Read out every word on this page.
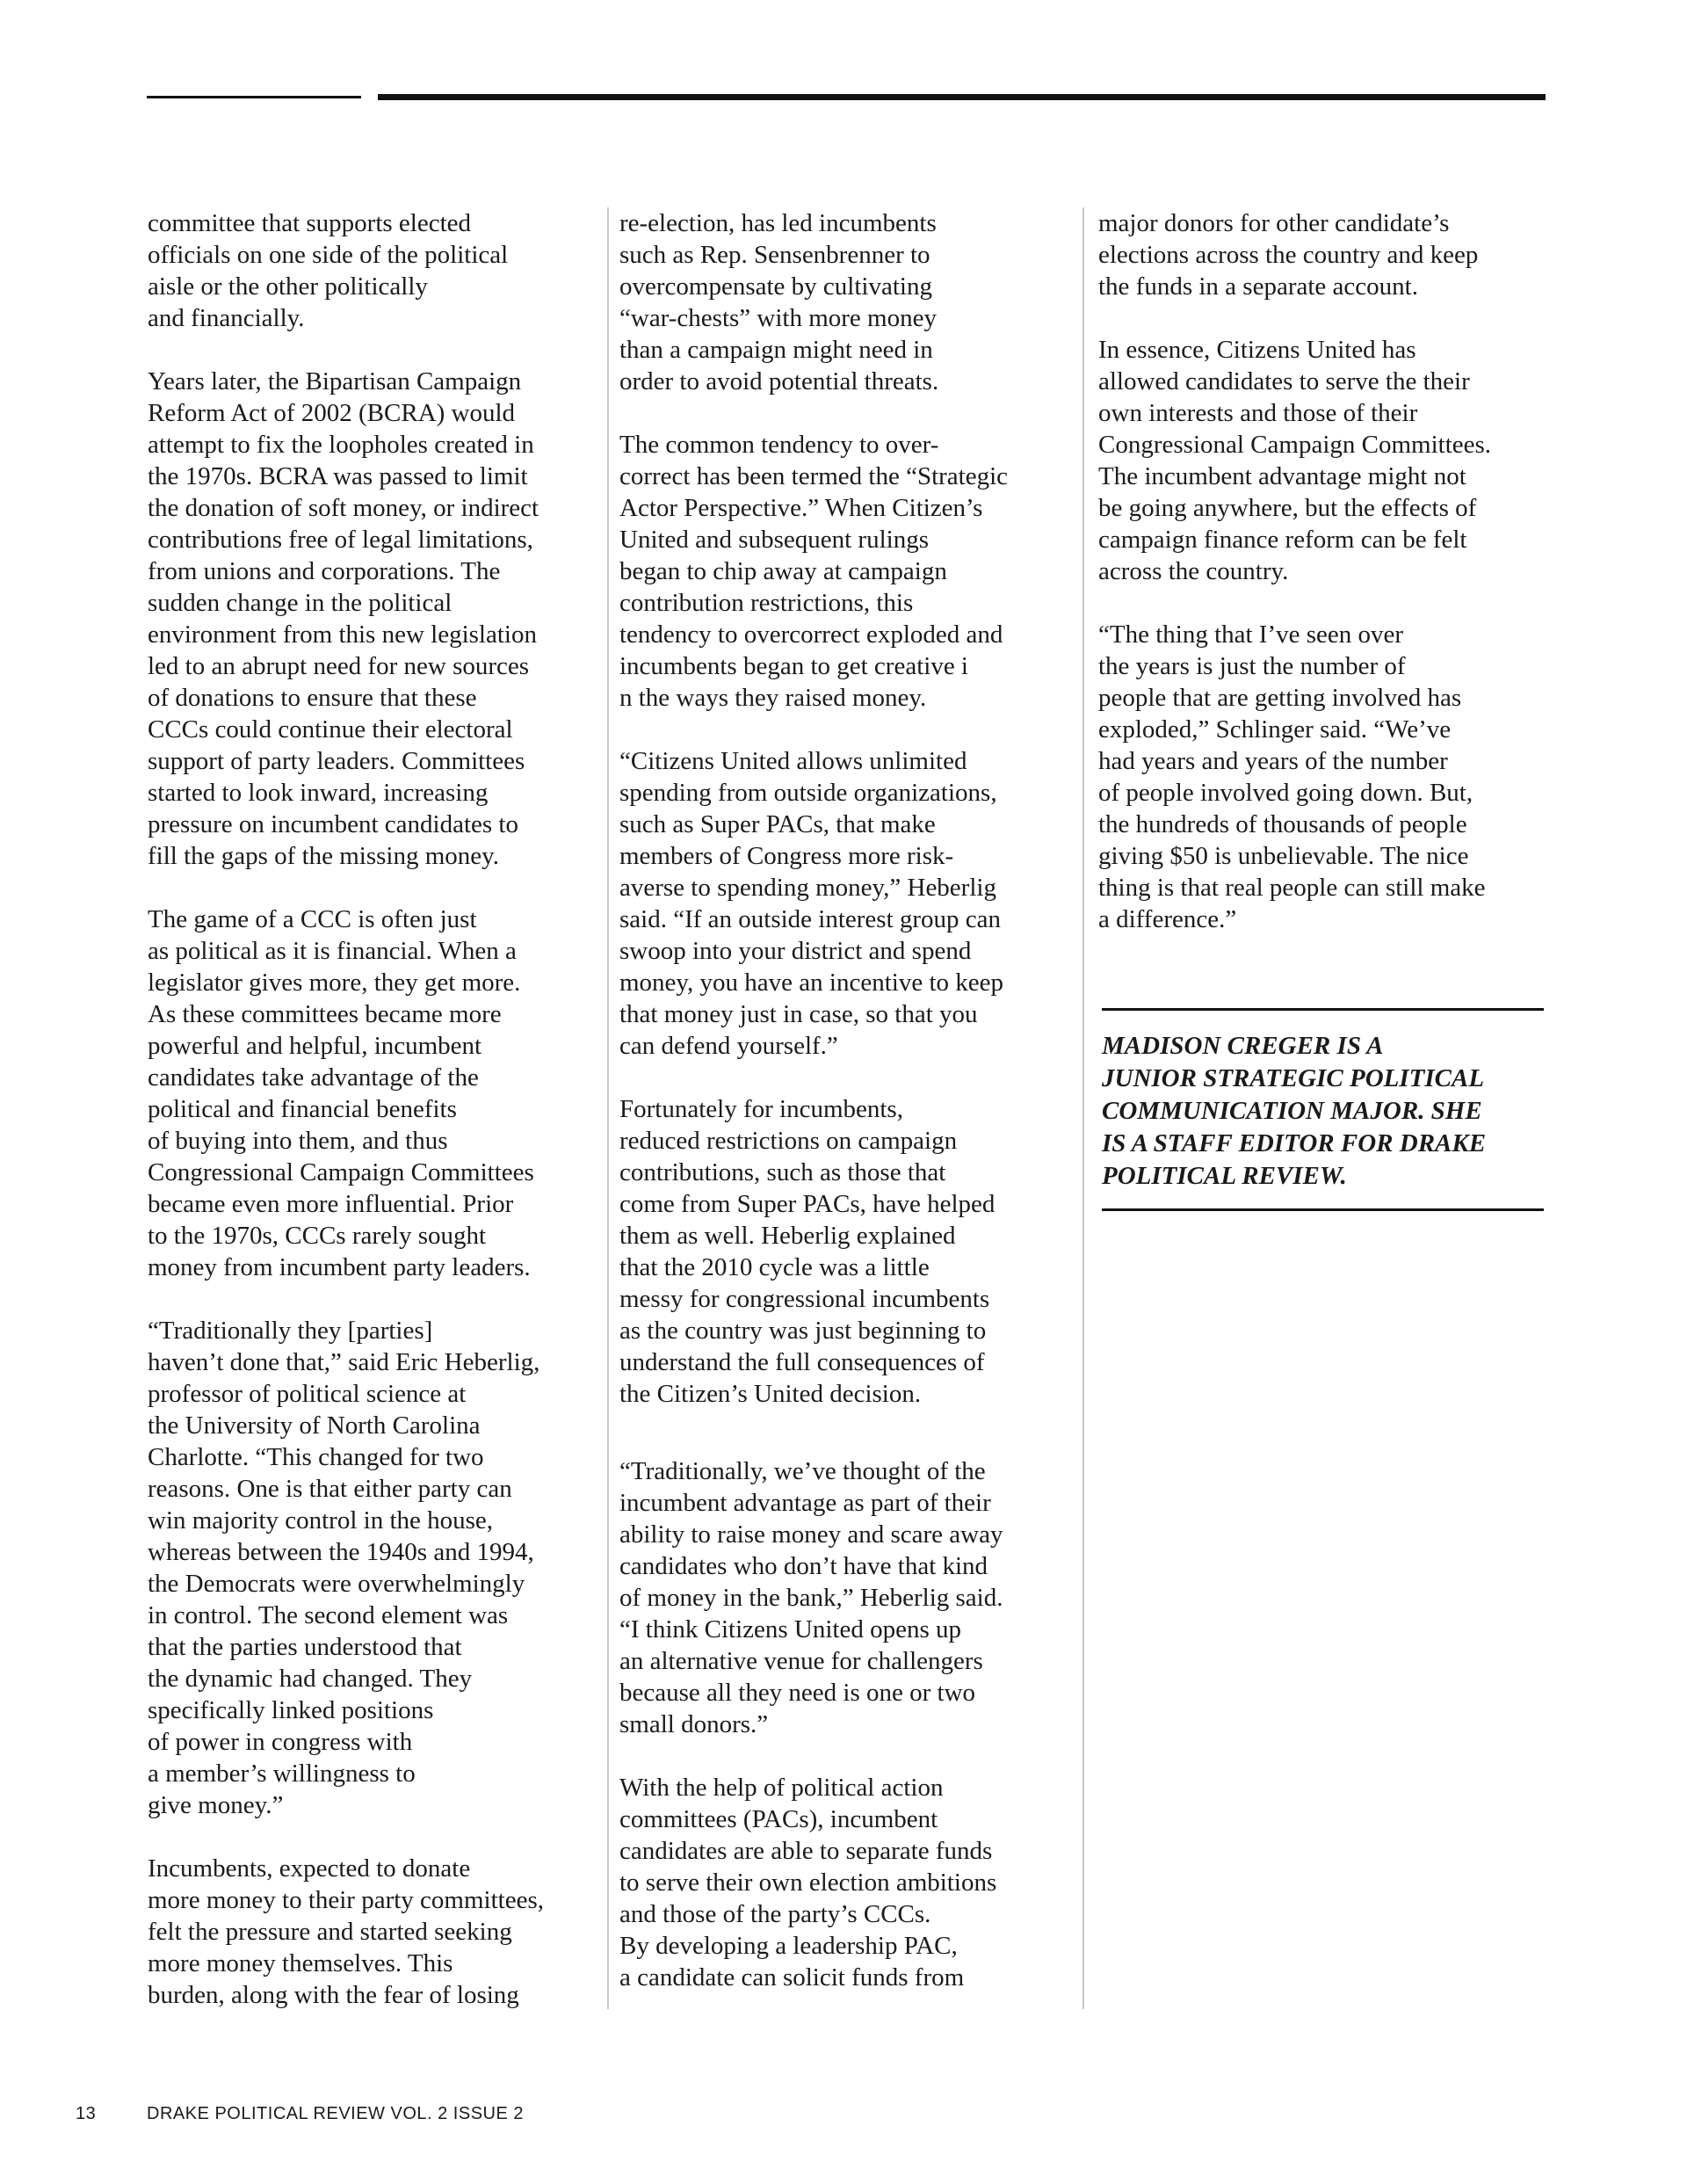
committee that supports elected
officials on one side of the political
aisle or the other politically
and financially.

Years later, the Bipartisan Campaign
Reform Act of 2002 (BCRA) would
attempt to fix the loopholes created in
the 1970s. BCRA was passed to limit
the donation of soft money, or indirect
contributions free of legal limitations,
from unions and corporations. The
sudden change in the political
environment from this new legislation
led to an abrupt need for new sources
of donations to ensure that these
CCCs could continue their electoral
support of party leaders. Committees
started to look inward, increasing
pressure on incumbent candidates to
fill the gaps of the missing money.

The game of a CCC is often just
as political as it is financial. When a
legislator gives more, they get more.
As these committees became more
powerful and helpful, incumbent
candidates take advantage of the
political and financial benefits
of buying into them, and thus
Congressional Campaign Committees
became even more influential. Prior
to the 1970s, CCCs rarely sought
money from incumbent party leaders.

“Traditionally they [parties]
haven’t done that,” said Eric Heberlig,
professor of political science at
the University of North Carolina
Charlotte. “This changed for two
reasons. One is that either party can
win majority control in the house,
whereas between the 1940s and 1994,
the Democrats were overwhelmingly
in control. The second element was
that the parties understood that
the dynamic had changed. They
specifically linked positions
of power in congress with
a member’s willingness to
give money.”

Incumbents, expected to donate
more money to their party committees,
felt the pressure and started seeking
more money themselves. This
burden, along with the fear of losing

re-election, has led incumbents
such as Rep. Sensenbrenner to
overcompensate by cultivating
“war-chests” with more money
than a campaign might need in
order to avoid potential threats.

The common tendency to over-
correct has been termed the “Strategic
Actor Perspective.” When Citizen’s
United and subsequent rulings
began to chip away at campaign
contribution restrictions, this
tendency to overcorrect exploded and
incumbents began to get creative i
n the ways they raised money.

“Citizens United allows unlimited
spending from outside organizations,
such as Super PACs, that make
members of Congress more risk-
averse to spending money,” Heberlig
said. “If an outside interest group can
swoop into your district and spend
money, you have an incentive to keep
that money just in case, so that you
can defend yourself.”

Fortunately for incumbents,
reduced restrictions on campaign
contributions, such as those that
come from Super PACs, have helped
them as well. Heberlig explained
that the 2010 cycle was a little
messy for congressional incumbents
as the country was just beginning to
understand the full consequences of
the Citizen’s United decision.

“Traditionally, we’ve thought of the
incumbent advantage as part of their
ability to raise money and scare away
candidates who don’t have that kind
of money in the bank,” Heberlig said.
“I think Citizens United opens up
an alternative venue for challengers
because all they need is one or two
small donors.”

With the help of political action
committees (PACs), incumbent
candidates are able to separate funds
to serve their own election ambitions
and those of the party’s CCCs.
By developing a leadership PAC,
a candidate can solicit funds from

major donors for other candidate’s
elections across the country and keep
the funds in a separate account.

In essence, Citizens United has
allowed candidates to serve the their
own interests and those of their
Congressional Campaign Committees.
The incumbent advantage might not
be going anywhere, but the effects of
campaign finance reform can be felt
across the country.

“The thing that I’ve seen over
the years is just the number of
people that are getting involved has
exploded,” Schlinger said. “We’ve
had years and years of the number
of people involved going down. But,
the hundreds of thousands of people
giving $50 is unbelievable. The nice
thing is that real people can still make
a difference.”

MADISON CREGER IS A
JUNIOR STRATEGIC POLITICAL
COMMUNICATION MAJOR. SHE
IS A STAFF EDITOR FOR DRAKE
POLITICAL REVIEW.

13	DRAKE POLITICAL REVIEW VOL. 2 ISSUE 2
